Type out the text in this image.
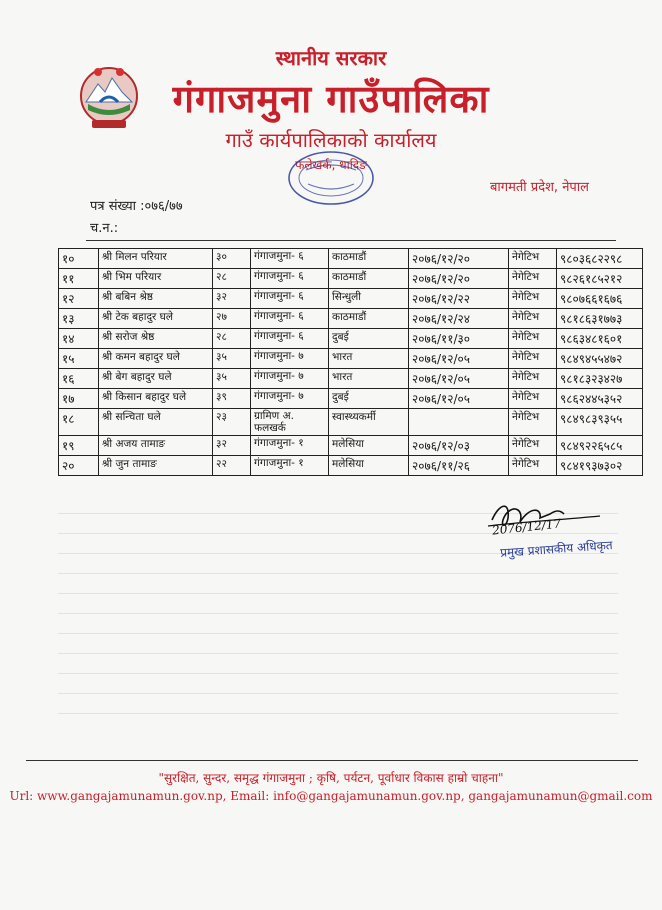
स्थानीय सरकार
गंगाजमुना गाउँपालिका
गाउँ कार्यपालिकाको कार्यालय
फलेखर्क, धादिङ
बागमती प्रदेश, नेपाल
पत्र संख्या :०७६/७७
च.न.:
१०	श्री मिलन परियार	३०	गंगाजमुना- ६	काठमाडौं	२०७६/१२/२०	नेगेटिभ	९८०३६८२२९८
११	श्री भिम परियार	२८	गंगाजमुना- ६	काठमाडौं	२०७६/१२/२०	नेगेटिभ	९८२६१८५२१२
१२	श्री बबिन श्रेष्ठ	३२	गंगाजमुना- ६	सिन्धुली	२०७६/१२/२२	नेगेटिभ	९८०७६६१६७६
१३	श्री टेक बहादुर घले	२७	गंगाजमुना- ६	काठमाडौं	२०७६/१२/२४	नेगेटिभ	९८१८६३१७७३
१४	श्री सरोज श्रेष्ठ	२८	गंगाजमुना- ६	दुबई	२०७६/११/३०	नेगेटिभ	९८६३४८१६०१
१५	श्री कमन बहादुर घले	३५	गंगाजमुना- ७	भारत	२०७६/१२/०५	नेगेटिभ	९८४९४५५४७२
१६	श्री बेग बहादुर घले	३५	गंगाजमुना- ७	भारत	२०७६/१२/०५	नेगेटिभ	९८१८३२३४२७
१७	श्री किसान बहादुर घले	३९	गंगाजमुना- ७	दुबई	२०७६/१२/०५	नेगेटिभ	९८६२४४५३५२
१८	श्री सन्चिता घले	२३	ग्रामिण अ. फलखर्क	स्वास्थ्यकर्मी		नेगेटिभ	९८४९८३९३५५
१९	श्री अजय तामाङ	३२	गंगाजमुना- १	मलेसिया	२०७६/१२/०३	नेगेटिभ	९८४९२२६५८५
२०	श्री जुन तामाङ	२२	गंगाजमुना- १	मलेसिया	२०७६/११/२६	नेगेटिभ	९८४१९३७३०२
2076/12/17
प्रमुख प्रशासकीय अधिकृत
"सुरक्षित, सुन्दर, समृद्ध गंगाजमुना ; कृषि, पर्यटन, पूर्वाधार विकास हाम्रो चाहना"
Url: www.gangajamunamun.gov.np, Email: info@gangajamunamun.gov.np, gangajamunamun@gmail.com
